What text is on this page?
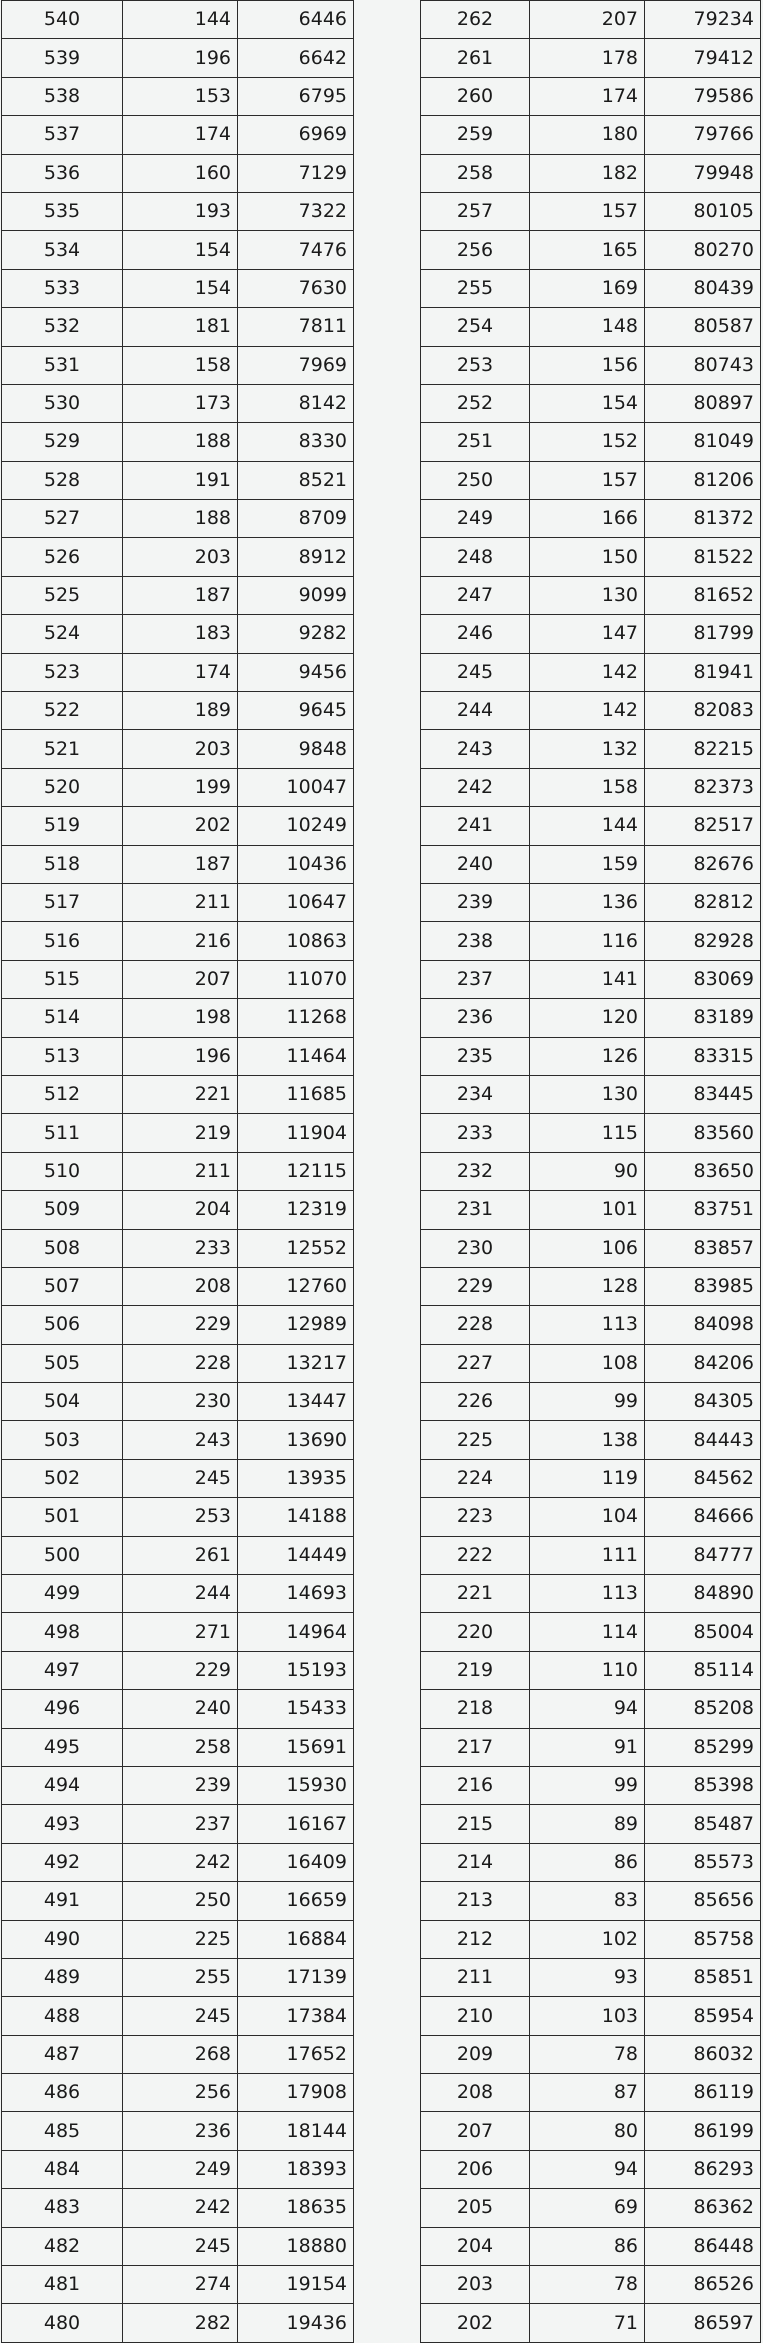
540	144	6446
539	196	6642
538	153	6795
537	174	6969
536	160	7129
535	193	7322
534	154	7476
533	154	7630
532	181	7811
531	158	7969
530	173	8142
529	188	8330
528	191	8521
527	188	8709
526	203	8912
525	187	9099
524	183	9282
523	174	9456
522	189	9645
521	203	9848
520	199	10047
519	202	10249
518	187	10436
517	211	10647
516	216	10863
515	207	11070
514	198	11268
513	196	11464
512	221	11685
511	219	11904
510	211	12115
509	204	12319
508	233	12552
507	208	12760
506	229	12989
505	228	13217
504	230	13447
503	243	13690
502	245	13935
501	253	14188
500	261	14449
499	244	14693
498	271	14964
497	229	15193
496	240	15433
495	258	15691
494	239	15930
493	237	16167
492	242	16409
491	250	16659
490	225	16884
489	255	17139
488	245	17384
487	268	17652
486	256	17908
485	236	18144
484	249	18393
483	242	18635
482	245	18880
481	274	19154
480	282	19436
262	207	79234
261	178	79412
260	174	79586
259	180	79766
258	182	79948
257	157	80105
256	165	80270
255	169	80439
254	148	80587
253	156	80743
252	154	80897
251	152	81049
250	157	81206
249	166	81372
248	150	81522
247	130	81652
246	147	81799
245	142	81941
244	142	82083
243	132	82215
242	158	82373
241	144	82517
240	159	82676
239	136	82812
238	116	82928
237	141	83069
236	120	83189
235	126	83315
234	130	83445
233	115	83560
232	90	83650
231	101	83751
230	106	83857
229	128	83985
228	113	84098
227	108	84206
226	99	84305
225	138	84443
224	119	84562
223	104	84666
222	111	84777
221	113	84890
220	114	85004
219	110	85114
218	94	85208
217	91	85299
216	99	85398
215	89	85487
214	86	85573
213	83	85656
212	102	85758
211	93	85851
210	103	85954
209	78	86032
208	87	86119
207	80	86199
206	94	86293
205	69	86362
204	86	86448
203	78	86526
202	71	86597
